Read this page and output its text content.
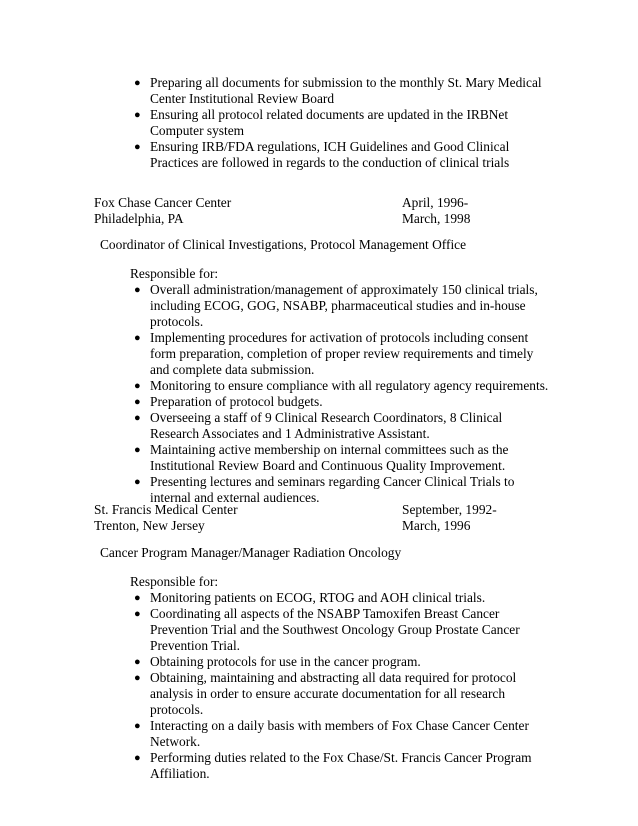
● Preparing all documents for submission to the monthly St. Mary Medical Center Institutional Review Board
● Ensuring all protocol related documents are updated in the IRBNet Computer system
● Ensuring IRB/FDA regulations, ICH Guidelines and Good Clinical Practices are followed in regards to the conduction of clinical trials
Fox Chase Cancer Center	April, 1996-
Philadelphia, PA	March, 1998
Coordinator of Clinical Investigations, Protocol Management Office
Responsible for:
● Overall administration/management of approximately 150 clinical trials, including ECOG, GOG, NSABP, pharmaceutical studies and in-house protocols.
● Implementing procedures for activation of protocols including consent form preparation, completion of proper review requirements and timely and complete data submission.
● Monitoring to ensure compliance with all regulatory agency requirements.
● Preparation of protocol budgets.
● Overseeing a staff of 9 Clinical Research Coordinators, 8 Clinical Research Associates and 1 Administrative Assistant.
● Maintaining active membership on internal committees such as the Institutional Review Board and Continuous Quality Improvement.
● Presenting lectures and seminars regarding Cancer Clinical Trials to internal and external audiences.
St. Francis Medical Center	September, 1992-
Trenton, New Jersey	March, 1996
Cancer Program Manager/Manager Radiation Oncology
Responsible for:
● Monitoring patients on ECOG, RTOG and AOH clinical trials.
● Coordinating all aspects of the NSABP Tamoxifen Breast Cancer Prevention Trial and the Southwest Oncology Group Prostate Cancer Prevention Trial.
● Obtaining protocols for use in the cancer program.
● Obtaining, maintaining and abstracting all data required for protocol analysis in order to ensure accurate documentation for all research protocols.
● Interacting on a daily basis with members of Fox Chase Cancer Center Network.
● Performing duties related to the Fox Chase/St. Francis Cancer Program Affiliation.
